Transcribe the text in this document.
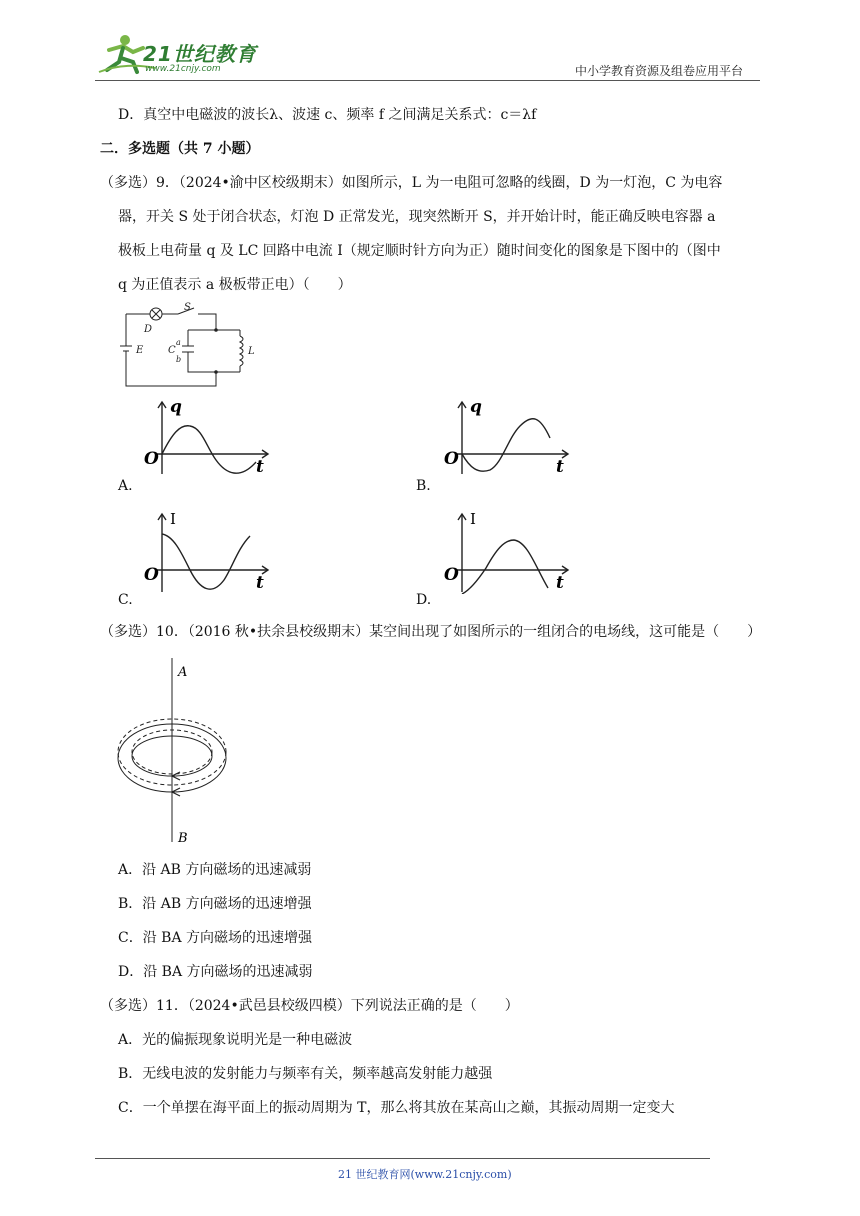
21世纪教育
www.21cnjy.com	中小学教育资源及组卷应用平台
D．真空中电磁波的波长λ、波速 c、频率 f 之间满足关系式：c＝λf
二．多选题（共 7 小题）
（多选）9．（2024•渝中区校级期末）如图所示，L 为一电阻可忽略的线圈，D 为一灯泡，C 为电容
器，开关 S 处于闭合状态，灯泡 D 正常发光，现突然断开 S，并开始计时，能正确反映电容器 a
极板上电荷量 q 及 LC 回路中电流 I（规定顺时针方向为正）随时间变化的图象是下图中的（图中
q 为正值表示 a 极板带正电）（　　）
D
S
E C
a
b
L
q
O	t
A.
q
O	t
B.
I
O	t
C.
I
O	t
D.
（多选）10．（2016 秋•扶余县校级期末）某空间出现了如图所示的一组闭合的电场线，这可能是（　　）
A
B
A．沿 AB 方向磁场的迅速减弱
B．沿 AB 方向磁场的迅速增强
C．沿 BA 方向磁场的迅速增强
D．沿 BA 方向磁场的迅速减弱
（多选）11．（2024•武邑县校级四模）下列说法正确的是（　　）
A．光的偏振现象说明光是一种电磁波
B．无线电波的发射能力与频率有关，频率越高发射能力越强
C．一个单摆在海平面上的振动周期为 T，那么将其放在某高山之巅，其振动周期一定变大
21 世纪教育网(www.21cnjy.com)
